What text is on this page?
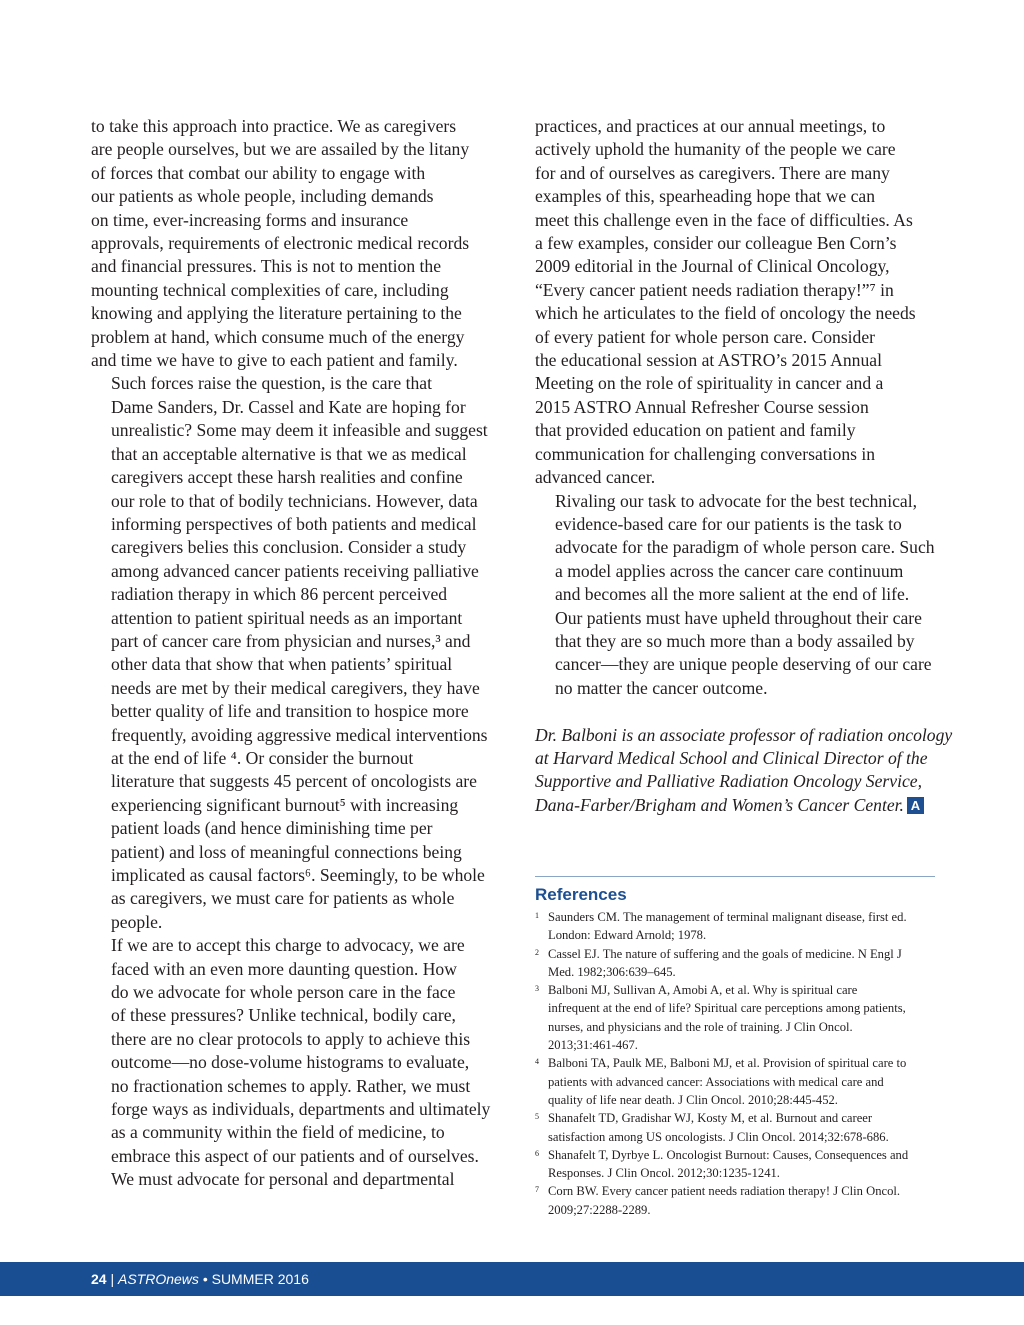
to take this approach into practice. We as caregivers
are people ourselves, but we are assailed by the litany
of forces that combat our ability to engage with
our patients as whole people, including demands
on time, ever-increasing forms and insurance
approvals, requirements of electronic medical records
and financial pressures. This is not to mention the
mounting technical complexities of care, including
knowing and applying the literature pertaining to the
problem at hand, which consume much of the energy
and time we have to give to each patient and family.

Such forces raise the question, is the care that
Dame Sanders, Dr. Cassel and Kate are hoping for
unrealistic? Some may deem it infeasible and suggest
that an acceptable alternative is that we as medical
caregivers accept these harsh realities and confine
our role to that of bodily technicians. However, data
informing perspectives of both patients and medical
caregivers belies this conclusion. Consider a study
among advanced cancer patients receiving palliative
radiation therapy in which 86 percent perceived
attention to patient spiritual needs as an important
part of cancer care from physician and nurses,³ and
other data that show that when patients’ spiritual
needs are met by their medical caregivers, they have
better quality of life and transition to hospice more
frequently, avoiding aggressive medical interventions
at the end of life ⁴. Or consider the burnout
literature that suggests 45 percent of oncologists are
experiencing significant burnout⁵ with increasing
patient loads (and hence diminishing time per
patient) and loss of meaningful connections being
implicated as causal factors⁶. Seemingly, to be whole
as caregivers, we must care for patients as whole
people.

If we are to accept this charge to advocacy, we are
faced with an even more daunting question. How
do we advocate for whole person care in the face
of these pressures? Unlike technical, bodily care,
there are no clear protocols to apply to achieve this
outcome—no dose-volume histograms to evaluate,
no fractionation schemes to apply. Rather, we must
forge ways as individuals, departments and ultimately
as a community within the field of medicine, to
embrace this aspect of our patients and of ourselves.
We must advocate for personal and departmental

practices, and practices at our annual meetings, to
actively uphold the humanity of the people we care
for and of ourselves as caregivers. There are many
examples of this, spearheading hope that we can
meet this challenge even in the face of difficulties. As
a few examples, consider our colleague Ben Corn’s
2009 editorial in the Journal of Clinical Oncology,
“Every cancer patient needs radiation therapy!”⁷ in
which he articulates to the field of oncology the needs
of every patient for whole person care. Consider
the educational session at ASTRO’s 2015 Annual
Meeting on the role of spirituality in cancer and a
2015 ASTRO Annual Refresher Course session
that provided education on patient and family
communication for challenging conversations in
advanced cancer.

Rivaling our task to advocate for the best technical,
evidence-based care for our patients is the task to
advocate for the paradigm of whole person care. Such
a model applies across the cancer care continuum
and becomes all the more salient at the end of life.
Our patients must have upheld throughout their care
that they are so much more than a body assailed by
cancer—they are unique people deserving of our care
no matter the cancer outcome.

Dr. Balboni is an associate professor of radiation oncology
at Harvard Medical School and Clinical Director of the
Supportive and Palliative Radiation Oncology Service,
Dana-Farber/Brigham and Women’s Cancer Center. A

References
1 Saunders CM. The management of terminal malignant disease, first ed.
London: Edward Arnold; 1978.
2 Cassel EJ. The nature of suffering and the goals of medicine. N Engl J
Med. 1982;306:639–645.
3 Balboni MJ, Sullivan A, Amobi A, et al. Why is spiritual care
infrequent at the end of life? Spiritual care perceptions among patients,
nurses, and physicians and the role of training. J Clin Oncol.
2013;31:461-467.
4 Balboni TA, Paulk ME, Balboni MJ, et al. Provision of spiritual care to
patients with advanced cancer: Associations with medical care and
quality of life near death. J Clin Oncol. 2010;28:445-452.
5 Shanafelt TD, Gradishar WJ, Kosty M, et al. Burnout and career
satisfaction among US oncologists. J Clin Oncol. 2014;32:678-686.
6 Shanafelt T, Dyrbye L. Oncologist Burnout: Causes, Consequences and
Responses. J Clin Oncol. 2012;30:1235-1241.
7 Corn BW. Every cancer patient needs radiation therapy! J Clin Oncol.
2009;27:2288-2289.
24 | ASTROnews • SUMMER 2016
